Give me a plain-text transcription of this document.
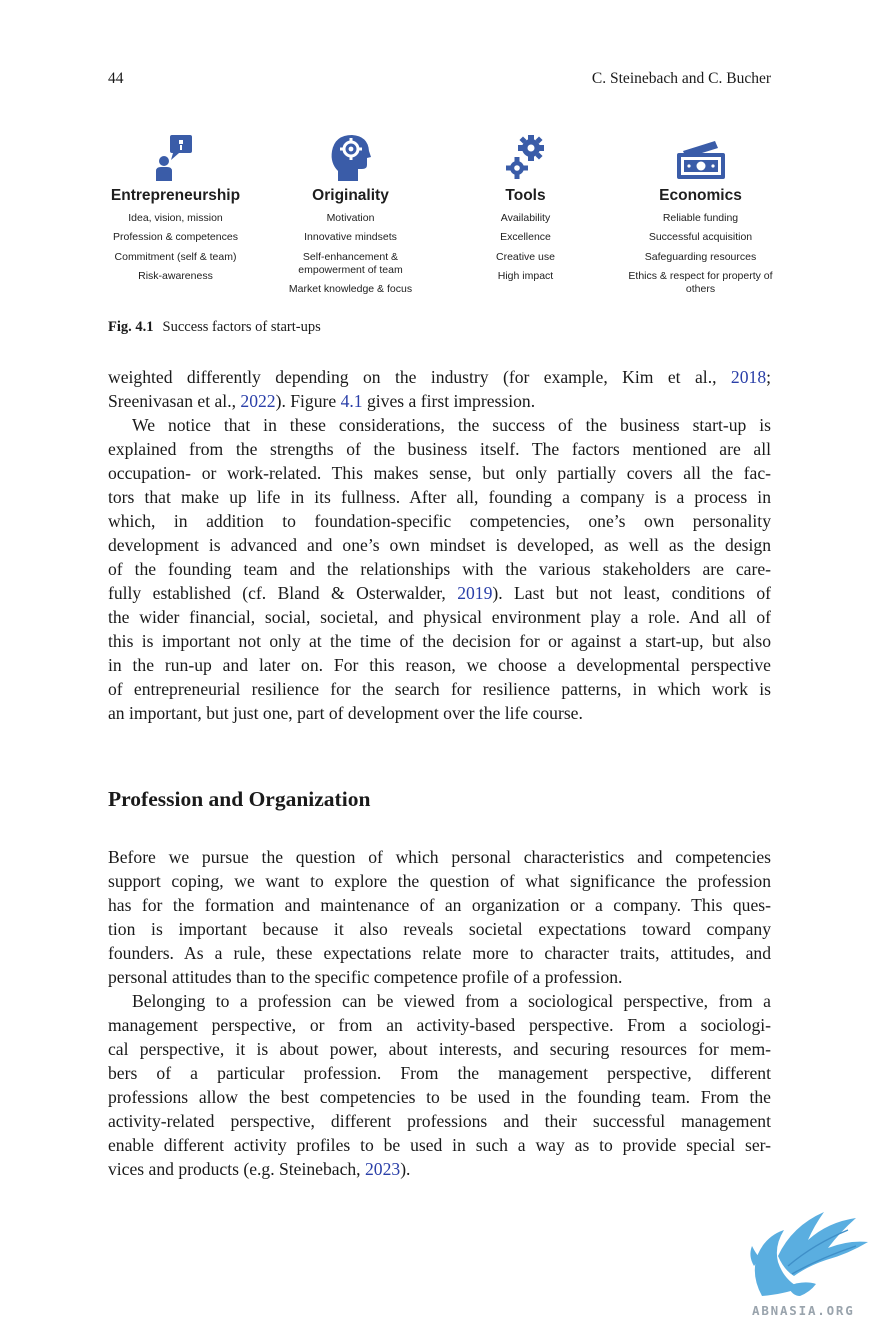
44	C. Steinebach and C. Bucher
Entrepreneurship
Idea, vision, mission
Profession & competences
Commitment (self & team)
Risk-awareness
Originality
Motivation
Innovative mindsets
Self-enhancement & empowerment of team
Market knowledge & focus
Tools
Availability
Excellence
Creative use
High impact
Economics
Reliable funding
Successful acquisition
Safeguarding resources
Ethics & respect for property of others
Fig. 4.1 Success factors of start-ups
weighted differently depending on the industry (for example, Kim et al., 2018;
Sreenivasan et al., 2022). Figure 4.1 gives a first impression.
We notice that in these considerations, the success of the business start-up is
explained from the strengths of the business itself. The factors mentioned are all
occupation- or work-related. This makes sense, but only partially covers all the fac-
tors that make up life in its fullness. After all, founding a company is a process in
which, in addition to foundation-specific competencies, one’s own personality
development is advanced and one’s own mindset is developed, as well as the design
of the founding team and the relationships with the various stakeholders are care-
fully established (cf. Bland & Osterwalder, 2019). Last but not least, conditions of
the wider financial, social, societal, and physical environment play a role. And all of
this is important not only at the time of the decision for or against a start-up, but also
in the run-up and later on. For this reason, we choose a developmental perspective
of entrepreneurial resilience for the search for resilience patterns, in which work is
an important, but just one, part of development over the life course.
Profession and Organization
Before we pursue the question of which personal characteristics and competencies
support coping, we want to explore the question of what significance the profession
has for the formation and maintenance of an organization or a company. This ques-
tion is important because it also reveals societal expectations toward company
founders. As a rule, these expectations relate more to character traits, attitudes, and
personal attitudes than to the specific competence profile of a profession.
Belonging to a profession can be viewed from a sociological perspective, from a
management perspective, or from an activity-based perspective. From a sociologi-
cal perspective, it is about power, about interests, and securing resources for mem-
bers of a particular profession. From the management perspective, different
professions allow the best competencies to be used in the founding team. From the
activity-related perspective, different professions and their successful management
enable different activity profiles to be used in such a way as to provide special ser-
vices and products (e.g. Steinebach, 2023).
ABNASIA.ORG
